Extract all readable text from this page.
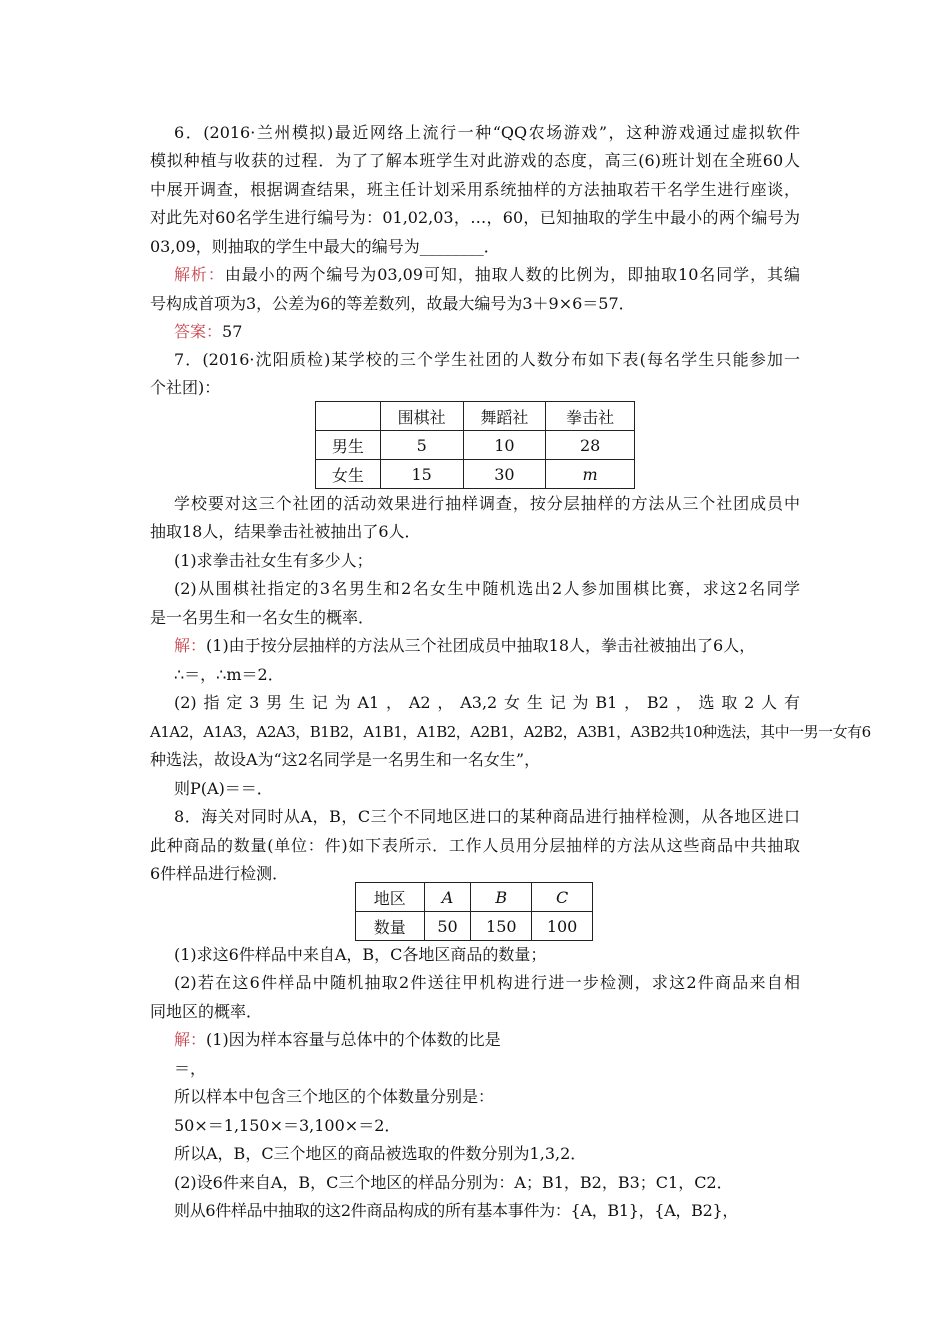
6．(2016·兰州模拟)最近网络上流行一种“QQ农场游戏”，这种游戏通过虚拟软件
模拟种植与收获的过程．为了了解本班学生对此游戏的态度，高三(6)班计划在全班60人
中展开调查，根据调查结果，班主任计划采用系统抽样的方法抽取若干名学生进行座谈，
对此先对60名学生进行编号为：01,02,03，…，60，已知抽取的学生中最小的两个编号为
03,09，则抽取的学生中最大的编号为________．
解析：由最小的两个编号为03,09可知，抽取人数的比例为，即抽取10名同学，其编
号构成首项为3，公差为6的等差数列，故最大编号为3＋9×6＝57．
答案：57
7．(2016·沈阳质检)某学校的三个学生社团的人数分布如下表(每名学生只能参加一
个社团)：
	围棋社	舞蹈社	拳击社
男生	5	10	28
女生	15	30	m
学校要对这三个社团的活动效果进行抽样调查，按分层抽样的方法从三个社团成员中
抽取18人，结果拳击社被抽出了6人．
(1)求拳击社女生有多少人；
(2)从围棋社指定的3名男生和2名女生中随机选出2人参加围棋比赛，求这2名同学
是一名男生和一名女生的概率．
解：(1)由于按分层抽样的方法从三个社团成员中抽取18人，拳击社被抽出了6人，
∴＝，∴m＝2．
(2)指定3男生记为A1，A2，A3,2女生记为B1，B2，选取2人有
A1A2，A1A3，A2A3，B1B2，A1B1，A1B2，A2B1，A2B2，A3B1，A3B2共10种选法，其中一男一女有6
种选法，故设A为“这2名同学是一名男生和一名女生”，
则P(A)＝＝．
8．海关对同时从A，B，C三个不同地区进口的某种商品进行抽样检测，从各地区进口
此种商品的数量(单位：件)如下表所示．工作人员用分层抽样的方法从这些商品中共抽取
6件样品进行检测．
地区	A	B	C
数量	50	150	100
(1)求这6件样品中来自A，B，C各地区商品的数量；
(2)若在这6件样品中随机抽取2件送往甲机构进行进一步检测，求这2件商品来自相
同地区的概率．
解：(1)因为样本容量与总体中的个体数的比是
＝，
所以样本中包含三个地区的个体数量分别是：
50×＝1,150×＝3,100×＝2．
所以A，B，C三个地区的商品被选取的件数分别为1,3,2．
(2)设6件来自A，B，C三个地区的样品分别为：A；B1，B2，B3；C1，C2．
则从6件样品中抽取的这2件商品构成的所有基本事件为：{A，B1}，{A，B2}，
